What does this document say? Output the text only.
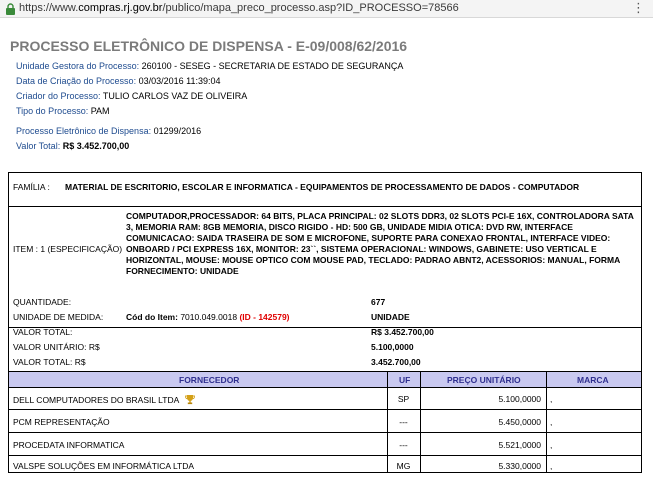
https://www.compras.rj.gov.br/publico/mapa_preco_processo.asp?ID_PROCESSO=78566	⋮
PROCESSO ELETRÔNICO DE DISPENSA - E-09/008/62/2016
Unidade Gestora do Processo: 260100 - SESEG - SECRETARIA DE ESTADO DE SEGURANÇA
Data de Criação do Processo: 03/03/2016 11:39:04
Criador do Processo: TULIO CARLOS VAZ DE OLIVEIRA
Tipo do Processo: PAM
Processo Eletrônico de Dispensa: 01299/2016
Valor Total: R$ 3.452.700,00
FAMÍLIA : MATERIAL DE ESCRITORIO, ESCOLAR E INFORMATICA - EQUIPAMENTOS DE PROCESSAMENTO DE DADOS - COMPUTADOR
ITEM : 1 (ESPECIFICAÇÃO)
COMPUTADOR,PROCESSADOR: 64 BITS, PLACA PRINCIPAL: 02 SLOTS DDR3, 02 SLOTS PCI-E 16X, CONTROLADORA SATA 3, MEMORIA RAM: 8GB MEMORIA, DISCO RIGIDO - HD: 500 GB, UNIDADE MIDIA OTICA: DVD RW, INTERFACE COMUNICACAO: SAIDA TRASEIRA DE SOM E MICROFONE, SUPORTE PARA CONEXAO FRONTAL, INTERFACE VIDEO: ONBOARD / PCI EXPRESS 16X, MONITOR: 23``, SISTEMA OPERACIONAL: WINDOWS, GABINETE: USO VERTICAL E HORIZONTAL, MOUSE: MOUSE OPTICO COM MOUSE PAD, TECLADO: PADRAO ABNT2, ACESSORIOS: MANUAL, FORMA FORNECIMENTO: UNIDADE
Cód do Item: 7010.049.0018 (ID - 142579)
QUANTIDADE:	677
UNIDADE DE MEDIDA:	UNIDADE
VALOR TOTAL:	R$ 3.452.700,00
VALOR UNITÁRIO: R$	5.100,0000
VALOR TOTAL: R$	3.452.700,00
FORNECEDOR	UF	PREÇO UNITÁRIO	MARCA
DELL COMPUTADORES DO BRASIL LTDA	SP	5.100,0000	,
PCM REPRESENTAÇÃO	---	5.450,0000	,
PROCEDATA INFORMATICA	---	5.521,0000	,
VALSPE SOLUÇÕES EM INFORMÁTICA LTDA	MG	5.330,0000	,
